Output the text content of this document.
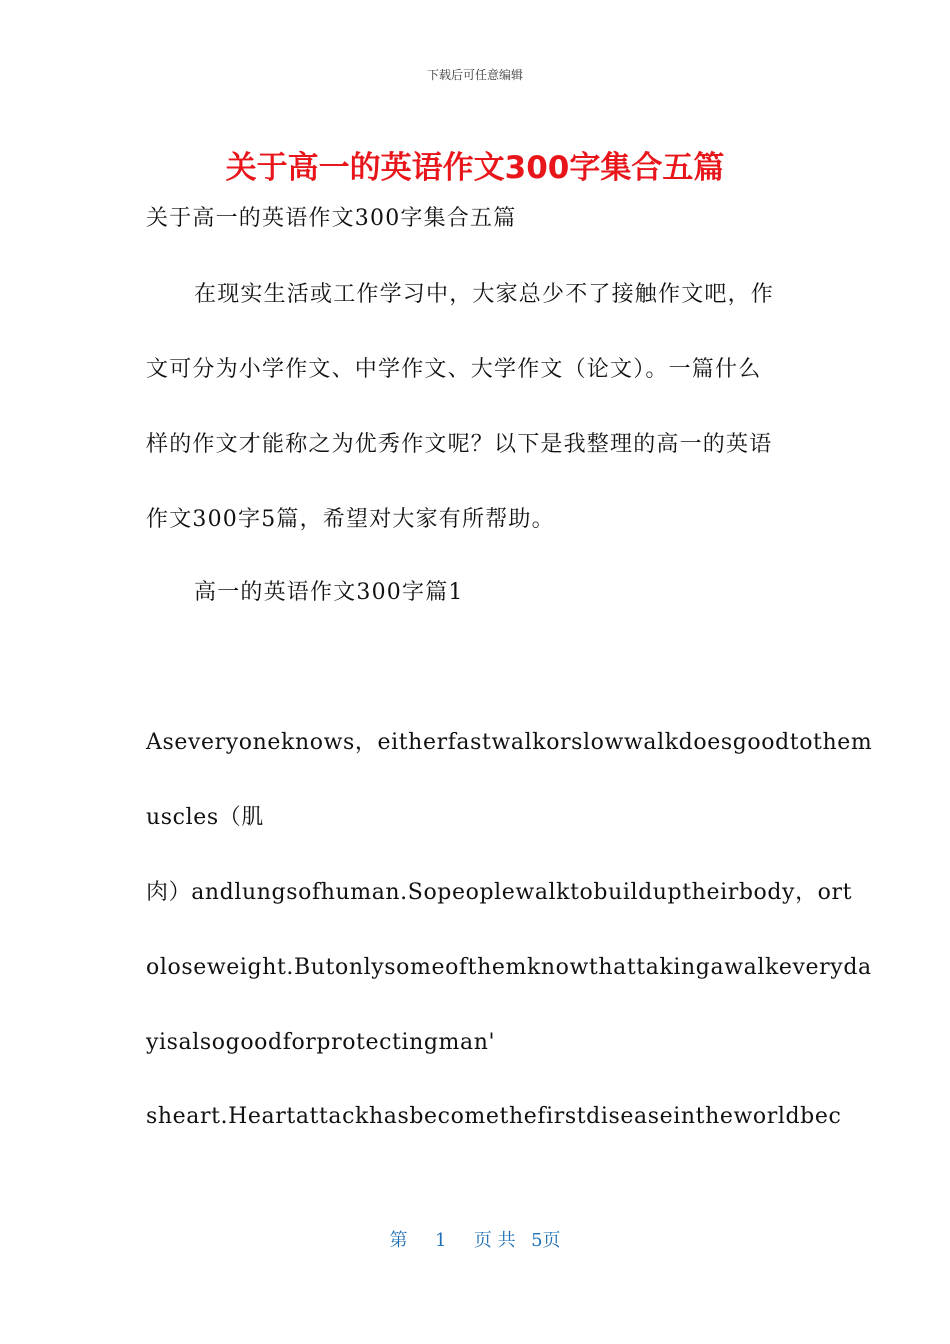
下载后可任意编辑
关于高一的英语作文300字集合五篇
关于高一的英语作文300字集合五篇
在现实生活或工作学习中，大家总少不了接触作文吧，作
文可分为小学作文、中学作文、大学作文（论文）。一篇什么
样的作文才能称之为优秀作文呢？以下是我整理的高一的英语
作文300字5篇，希望对大家有所帮助。
高一的英语作文300字篇1
Aseveryoneknows，eitherfastwalkorslowwalkdoesgoodtothem
uscles（肌
肉）andlungsofhuman.Sopeoplewalktobuilduptheirbody，ort
oloseweight.Butonlysomeofthemknowthattakingawalkeveryda
yisalsogoodforprotectingman'
sheart.Heartattackhasbecomethefirstdiseaseintheworldbec
第 1 页 共 5页
